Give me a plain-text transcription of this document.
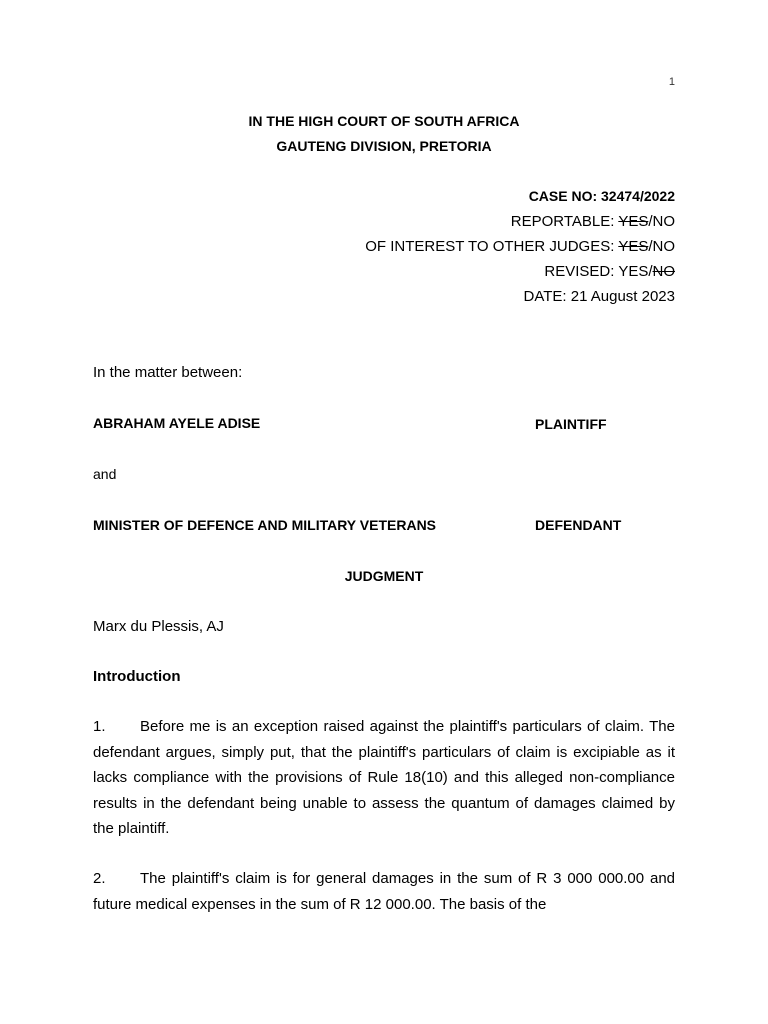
1
IN THE HIGH COURT OF SOUTH AFRICA
GAUTENG DIVISION, PRETORIA
CASE NO: 32474/2022
REPORTABLE: YES/NO
OF INTEREST TO OTHER JUDGES: YES/NO
REVISED: YES/NO
DATE: 21 August 2023
In the matter between:
ABRAHAM AYELE ADISE	PLAINTIFF
and
MINISTER OF DEFENCE AND MILITARY VETERANS	DEFENDANT
JUDGMENT
Marx du Plessis, AJ
Introduction

1. Before me is an exception raised against the plaintiff's particulars of claim. The defendant argues, simply put, that the plaintiff's particulars of claim is excipiable as it lacks compliance with the provisions of Rule 18(10) and this alleged non-compliance results in the defendant being unable to assess the quantum of damages claimed by the plaintiff.

2. The plaintiff's claim is for general damages in the sum of R 3 000 000.00 and future medical expenses in the sum of R 12 000.00. The basis of the
